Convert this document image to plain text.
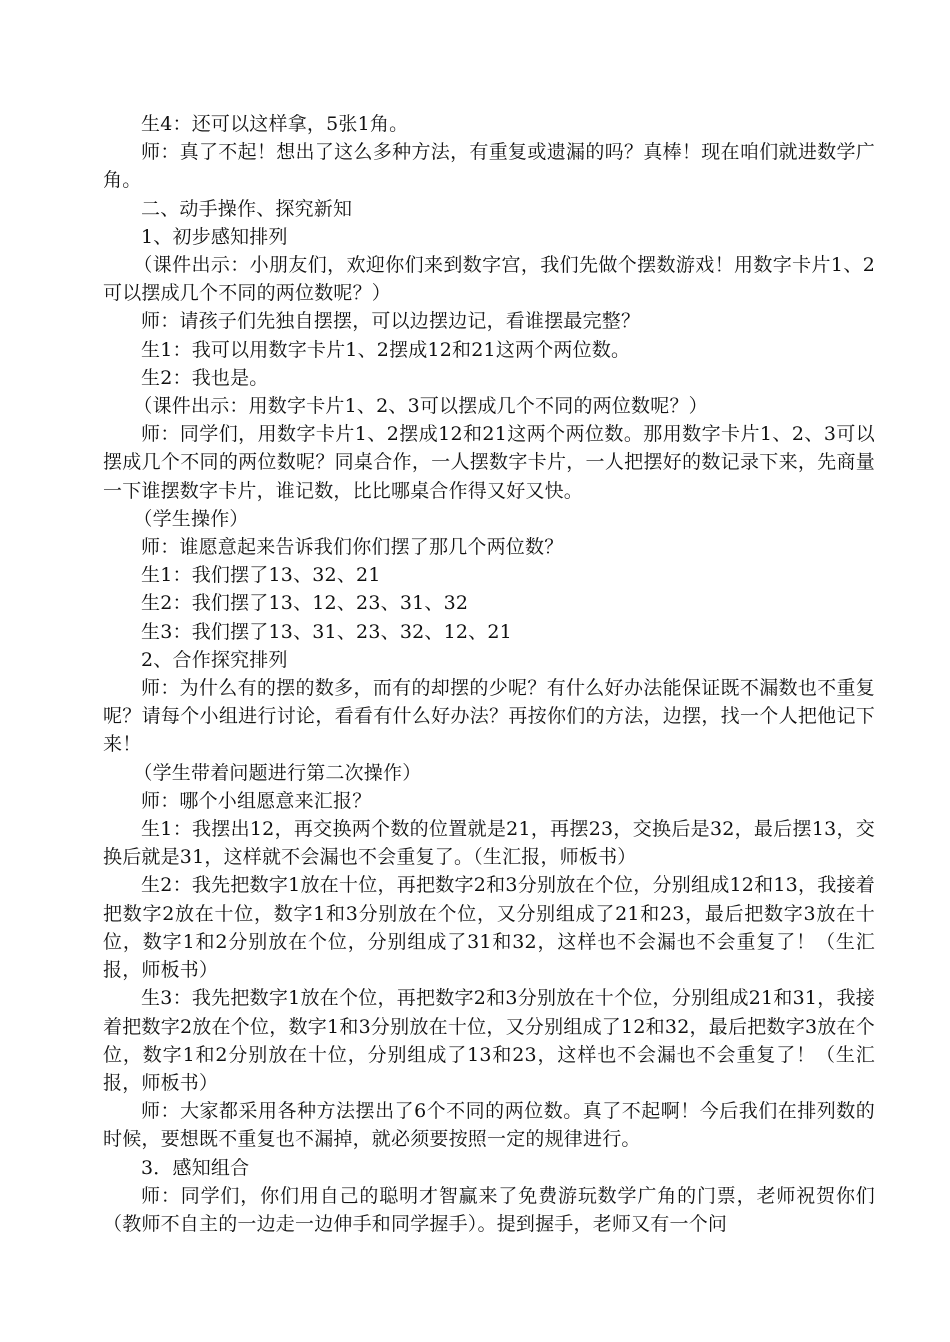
生4：还可以这样拿，5张1角。

师：真了不起！想出了这么多种方法，有重复或遗漏的吗？真棒！现在咱们就进数学广角。

二、动手操作、探究新知

1、初步感知排列

（课件出示：小朋友们，欢迎你们来到数字宫，我们先做个摆数游戏！用数字卡片1、2可以摆成几个不同的两位数呢？）

师：请孩子们先独自摆摆，可以边摆边记，看谁摆最完整？

生1：我可以用数字卡片1、2摆成12和21这两个两位数。

生2：我也是。

（课件出示：用数字卡片1、2、3可以摆成几个不同的两位数呢？）

师：同学们，用数字卡片1、2摆成12和21这两个两位数。那用数字卡片1、2、3可以摆成几个不同的两位数呢？同桌合作，一人摆数字卡片，一人把摆好的数记录下来，先商量一下谁摆数字卡片，谁记数，比比哪桌合作得又好又快。

（学生操作）

师：谁愿意起来告诉我们你们摆了那几个两位数？

生1：我们摆了13、32、21

生2：我们摆了13、12、23、31、32

生3：我们摆了13、31、23、32、12、21

2、合作探究排列

师：为什么有的摆的数多，而有的却摆的少呢？有什么好办法能保证既不漏数也不重复呢？请每个小组进行讨论，看看有什么好办法？再按你们的方法，边摆，找一个人把他记下来！

（学生带着问题进行第二次操作）

师：哪个小组愿意来汇报？

生1：我摆出12，再交换两个数的位置就是21，再摆23，交换后是32，最后摆13，交换后就是31，这样就不会漏也不会重复了。（生汇报，师板书）

生2：我先把数字1放在十位，再把数字2和3分别放在个位，分别组成12和13，我接着把数字2放在十位，数字1和3分别放在个位，又分别组成了21和23，最后把数字3放在十位，数字1和2分别放在个位，分别组成了31和32，这样也不会漏也不会重复了！（生汇报，师板书）

生3：我先把数字1放在个位，再把数字2和3分别放在十个位，分别组成21和31，我接着把数字2放在个位，数字1和3分别放在十位，又分别组成了12和32，最后把数字3放在个位，数字1和2分别放在十位，分别组成了13和23，这样也不会漏也不会重复了！（生汇报，师板书）

师：大家都采用各种方法摆出了6个不同的两位数。真了不起啊！今后我们在排列数的时候，要想既不重复也不漏掉，就必须要按照一定的规律进行。

3．感知组合

师：同学们，你们用自己的聪明才智赢来了免费游玩数学广角的门票，老师祝贺你们（教师不自主的一边走一边伸手和同学握手）。提到握手，老师又有一个问
